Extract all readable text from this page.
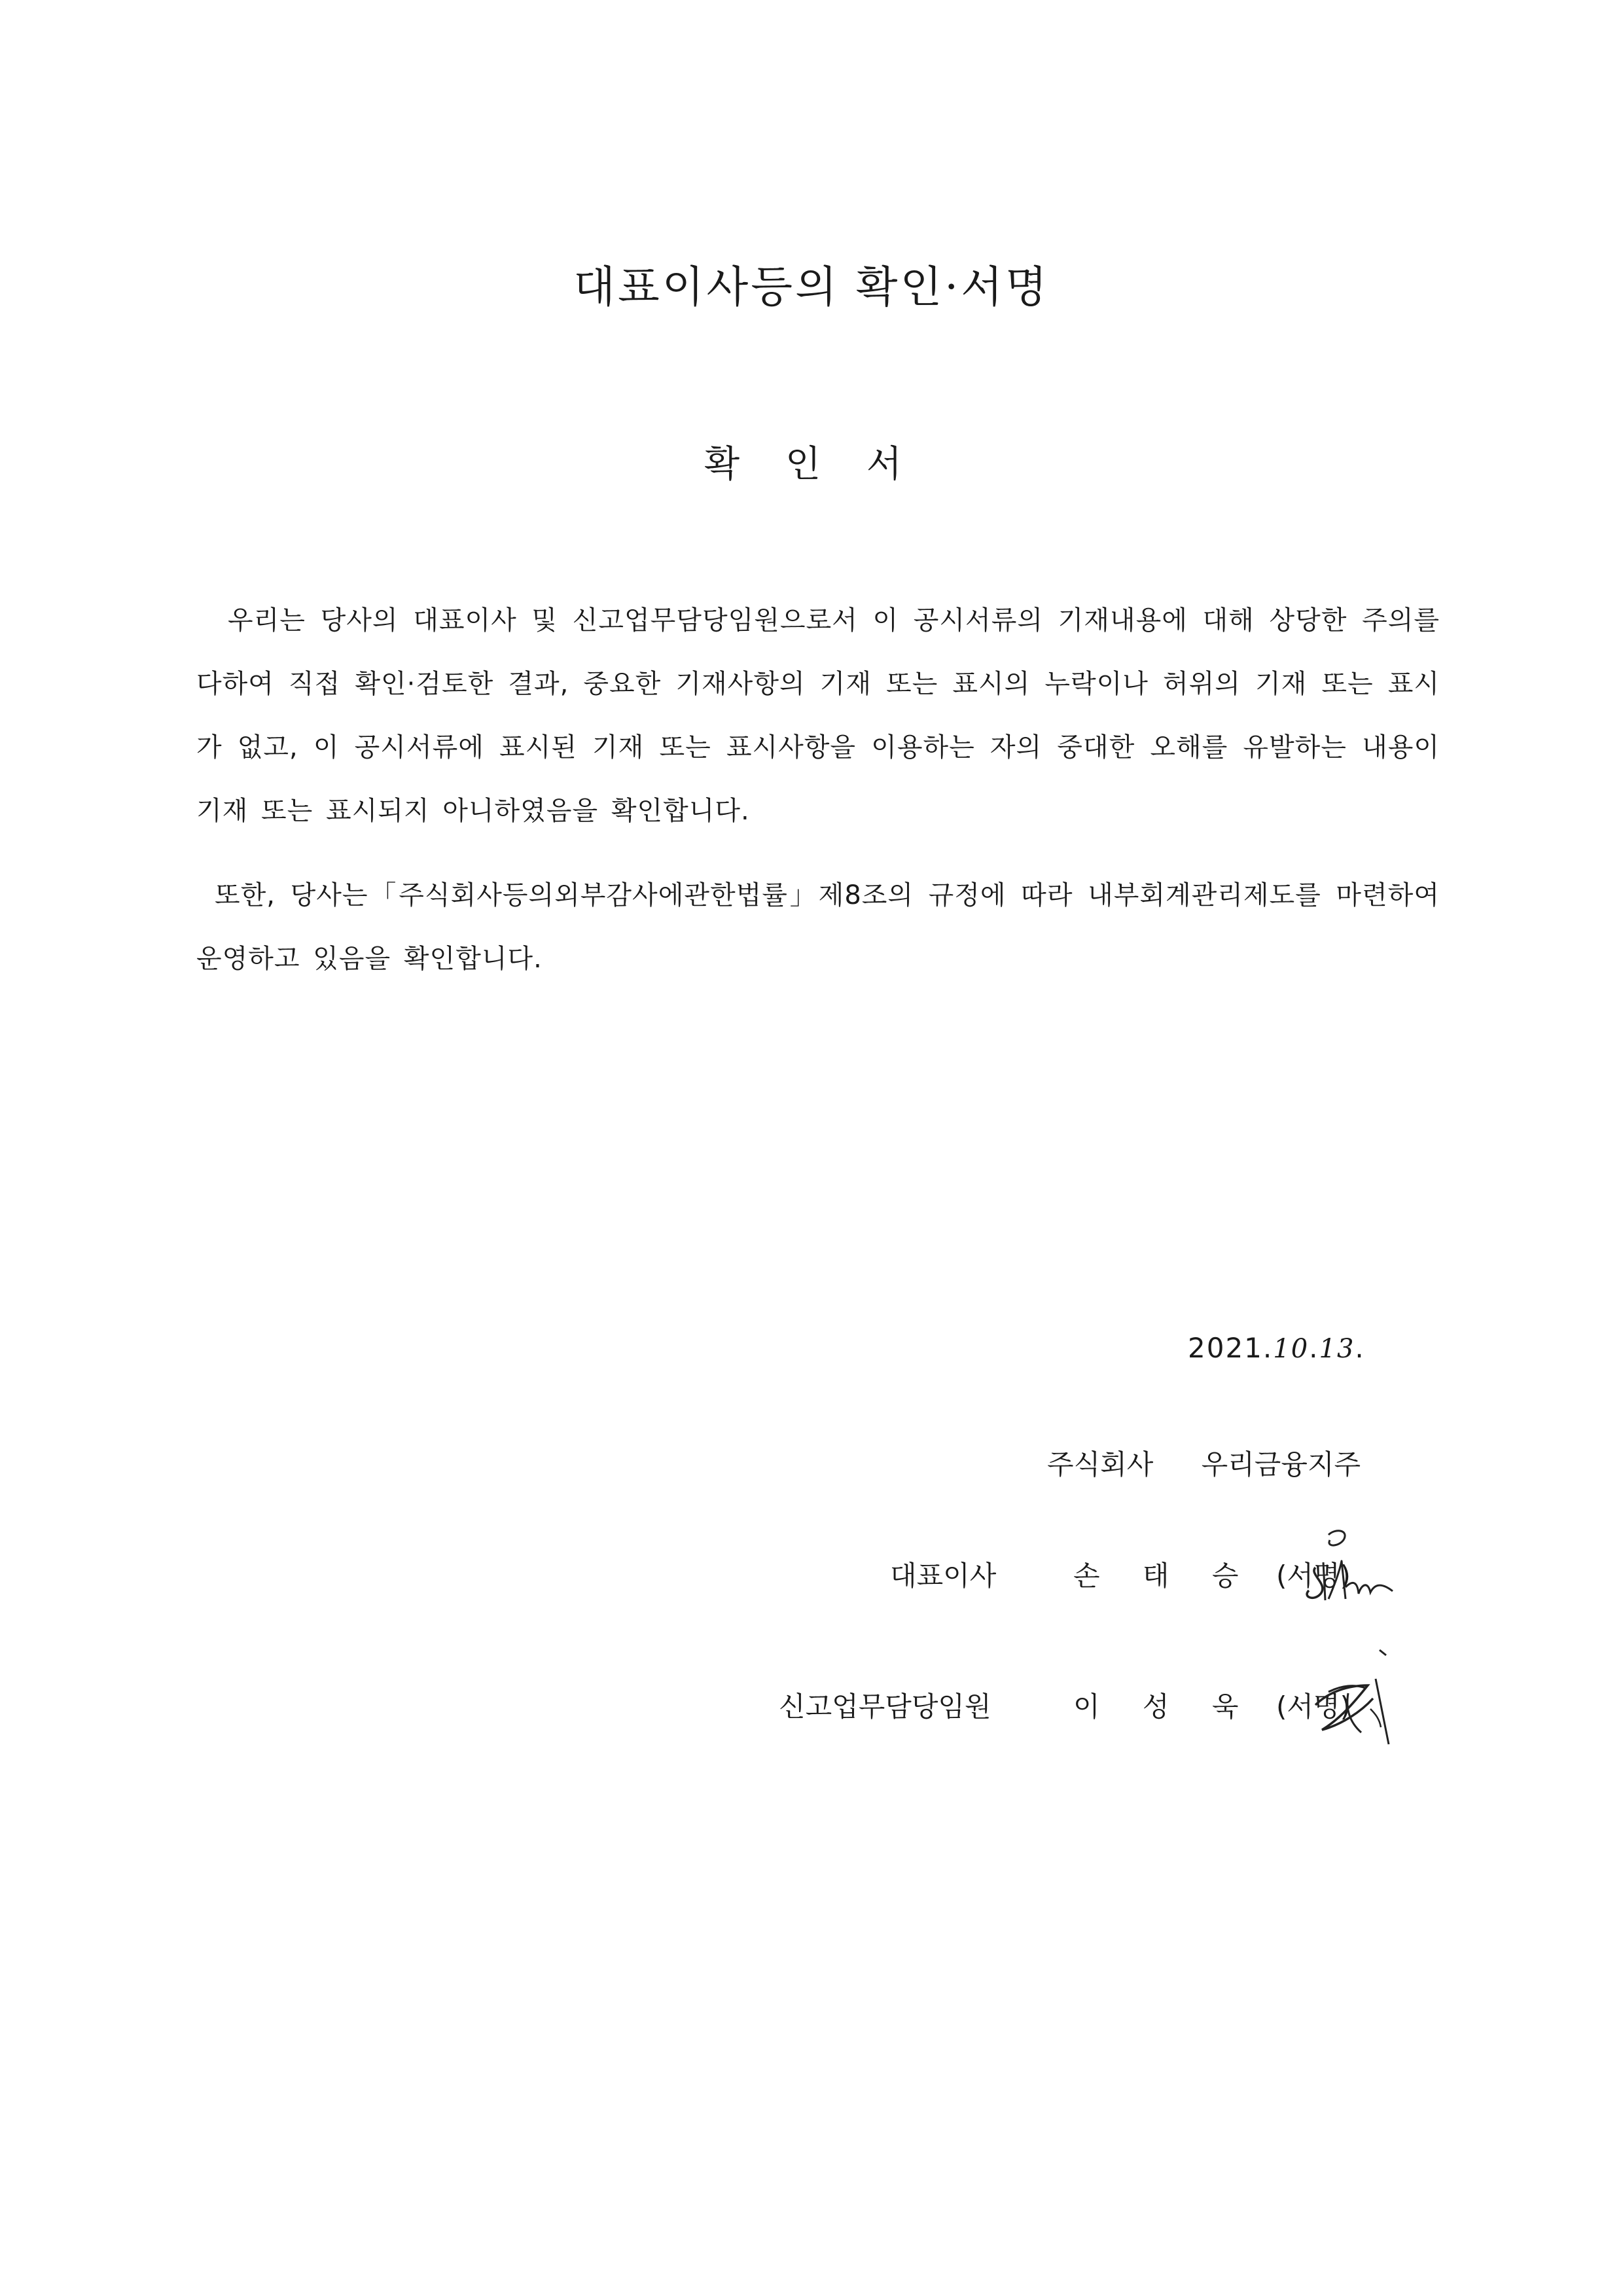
대표이사등의 확인·서명
확 인 서

우리는 당사의 대표이사 및 신고업무담당임원으로서 이 공시서류의 기재내용에 대해 상당한 주의를 다하여 직접 확인·검토한 결과, 중요한 기재사항의 기재 또는 표시의 누락이나 허위의 기재 또는 표시가 없고, 이 공시서류에 표시된 기재 또는 표시사항을 이용하는 자의 중대한 오해를 유발하는 내용이 기재 또는 표시되지 아니하였음을 확인합니다.

또한, 당사는「주식회사등의외부감사에관한법률」제8조의 규정에 따라 내부회계관리제도를 마련하여 운영하고 있음을 확인합니다.

2021.10.13.
주식회사 우리금융지주
대표이사	손 태 승 (서명)
신고업무담당임원	이 성 욱 (서명)
